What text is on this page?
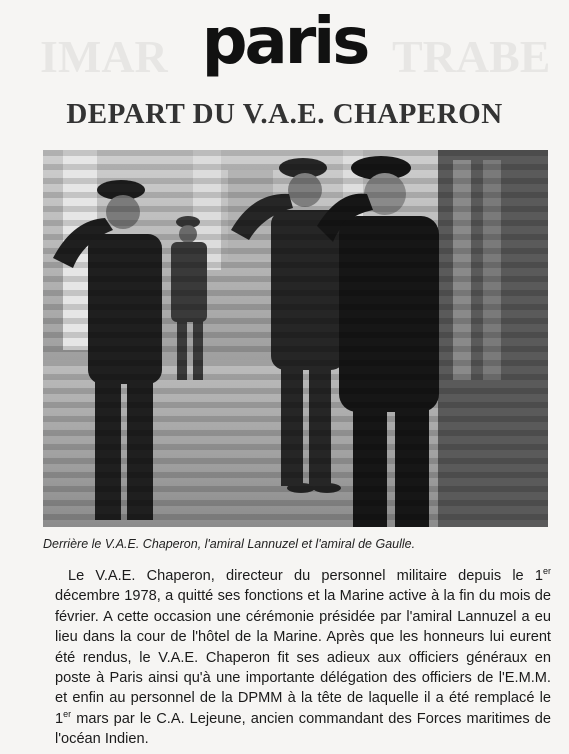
IMAR	TRABE
paris
DEPART DU V.A.E. CHAPERON
Derrière le V.A.E. Chaperon, l'amiral Lannuzel et l'amiral de Gaulle.
Le V.A.E. Chaperon, directeur du personnel militaire depuis le 1er décembre 1978, a quitté ses fonctions et la Marine active à la fin du mois de février. A cette occasion une cérémonie présidée par l'amiral Lannuzel a eu lieu dans la cour de l'hôtel de la Marine. Après que les honneurs lui eurent été rendus, le V.A.E. Chaperon fit ses adieux aux officiers généraux en poste à Paris ainsi qu'à une importante délégation des officiers de l'E.M.M. et enfin au personnel de la DPMM à la tête de laquelle il a été remplacé le 1er mars par le C.A. Lejeune, ancien commandant des Forces maritimes de l'océan Indien.
